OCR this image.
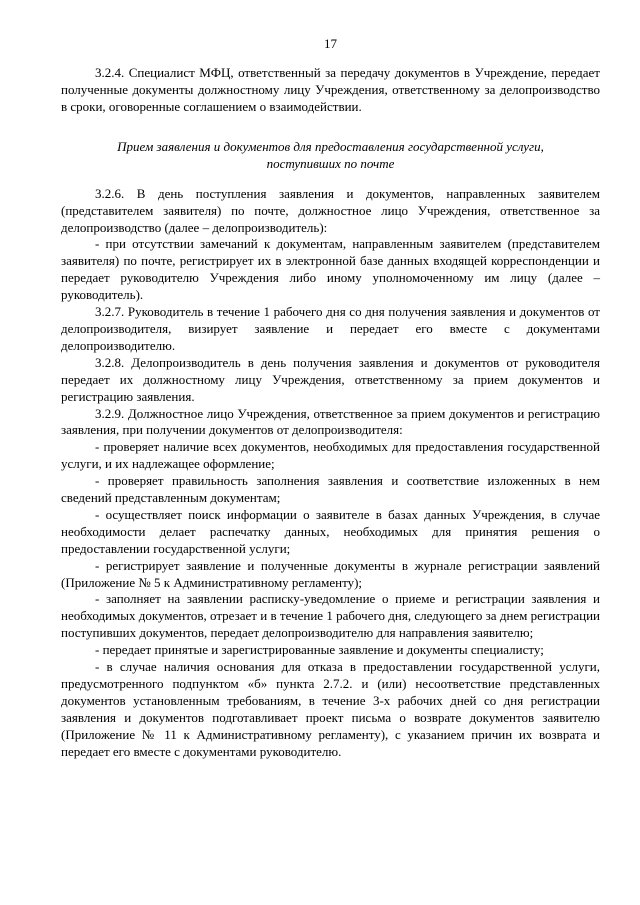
17

3.2.4. Специалист МФЦ, ответственный за передачу документов в Учреждение, передает полученные документы должностному лицу Учреждения, ответственному за делопроизводство в сроки, оговоренные соглашением о взаимодействии.

Прием заявления и документов для предоставления государственной услуги,
поступивших по почте

3.2.6. В день поступления заявления и документов, направленных заявителем (представителем заявителя) по почте, должностное лицо Учреждения, ответственное за делопроизводство (далее – делопроизводитель):

- при отсутствии замечаний к документам, направленным заявителем (представителем заявителя) по почте, регистрирует их в электронной базе данных входящей корреспонденции и передает руководителю Учреждения либо иному уполномоченному им лицу (далее – руководитель).

3.2.7. Руководитель в течение 1 рабочего дня со дня получения заявления и документов от делопроизводителя, визирует заявление и передает его вместе с документами делопроизводителю.

3.2.8. Делопроизводитель в день получения заявления и документов от руководителя передает их должностному лицу Учреждения, ответственному за прием документов и регистрацию заявления.

3.2.9. Должностное лицо Учреждения, ответственное за прием документов и регистрацию заявления, при получении документов от делопроизводителя:

- проверяет наличие всех документов, необходимых для предоставления государственной услуги, и их надлежащее оформление;

- проверяет правильность заполнения заявления и соответствие изложенных в нем сведений представленным документам;

- осуществляет поиск информации о заявителе в базах данных Учреждения, в случае необходимости делает распечатку данных, необходимых для принятия решения о предоставлении государственной услуги;

- регистрирует заявление и полученные документы в журнале регистрации заявлений (Приложение № 5 к Административному регламенту);

- заполняет на заявлении расписку-уведомление о приеме и регистрации заявления и необходимых документов, отрезает и в течение 1 рабочего дня, следующего за днем регистрации поступивших документов, передает делопроизводителю для направления заявителю;

- передает принятые и зарегистрированные заявление и документы специалисту;

- в случае наличия основания для отказа в предоставлении государственной услуги, предусмотренного подпунктом «б» пункта 2.7.2. и (или) несоответствие представленных документов установленным требованиям, в течение 3-х рабочих дней со дня регистрации заявления и документов подготавливает проект письма о возврате документов заявителю (Приложение № 11 к Административному регламенту), с указанием причин их возврата и передает его вместе с документами руководителю.
